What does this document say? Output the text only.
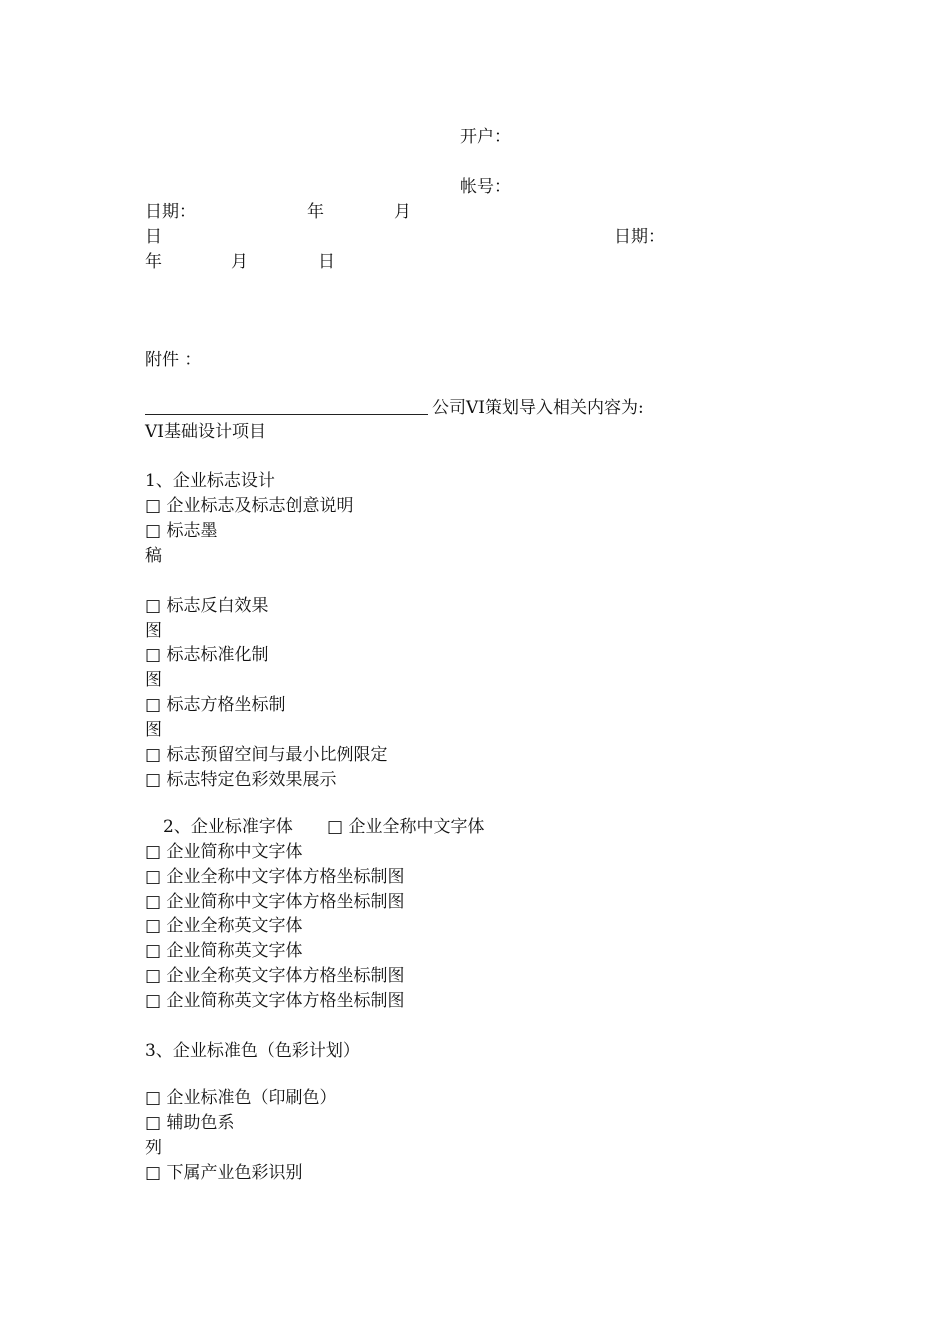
开户：
帐号：
日期：	年	月
日	日期：
年	月	日
附件 ：
公司VI策划导入相关内容为:
VI基础设计项目
1、企业标志设计
□ 企业标志及标志创意说明
□ 标志墨
稿
□ 标志反白效果
图
□ 标志标准化制
图
□ 标志方格坐标制
图
□ 标志预留空间与最小比例限定
□ 标志特定色彩效果展示
2、企业标准字体 □ 企业全称中文字体
□ 企业简称中文字体
□ 企业全称中文字体方格坐标制图
□ 企业简称中文字体方格坐标制图
□ 企业全称英文字体
□ 企业简称英文字体
□ 企业全称英文字体方格坐标制图
□ 企业简称英文字体方格坐标制图
3、企业标准色（色彩计划）
□ 企业标准色（印刷色）
□ 辅助色系
列
□ 下属产业色彩识别
